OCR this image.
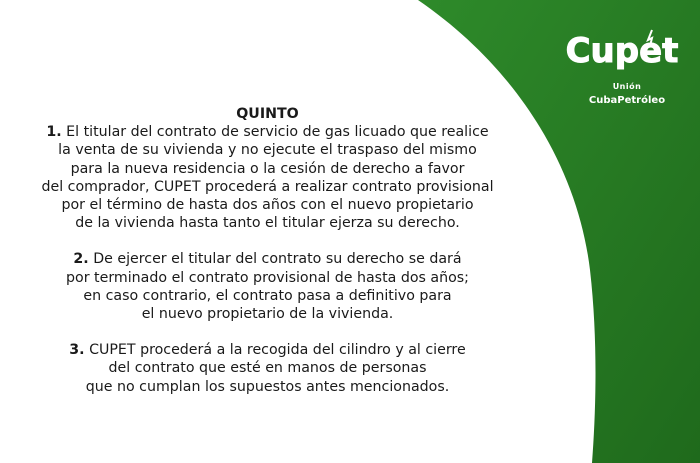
Cupet
Unión
CubaPetróleo
QUINTO
1. El titular del contrato de servicio de gas licuado que realice
la venta de su vivienda y no ejecute el traspaso del mismo
para la nueva residencia o la cesión de derecho a favor
del comprador, CUPET procederá a realizar contrato provisional
por el término de hasta dos años con el nuevo propietario
de la vivienda hasta tanto el titular ejerza su derecho.
2. De ejercer el titular del contrato su derecho se dará
por terminado el contrato provisional de hasta dos años;
en caso contrario, el contrato pasa a definitivo para
el nuevo propietario de la vivienda.
3. CUPET procederá a la recogida del cilindro y al cierre
del contrato que esté en manos de personas
que no cumplan los supuestos antes mencionados.
